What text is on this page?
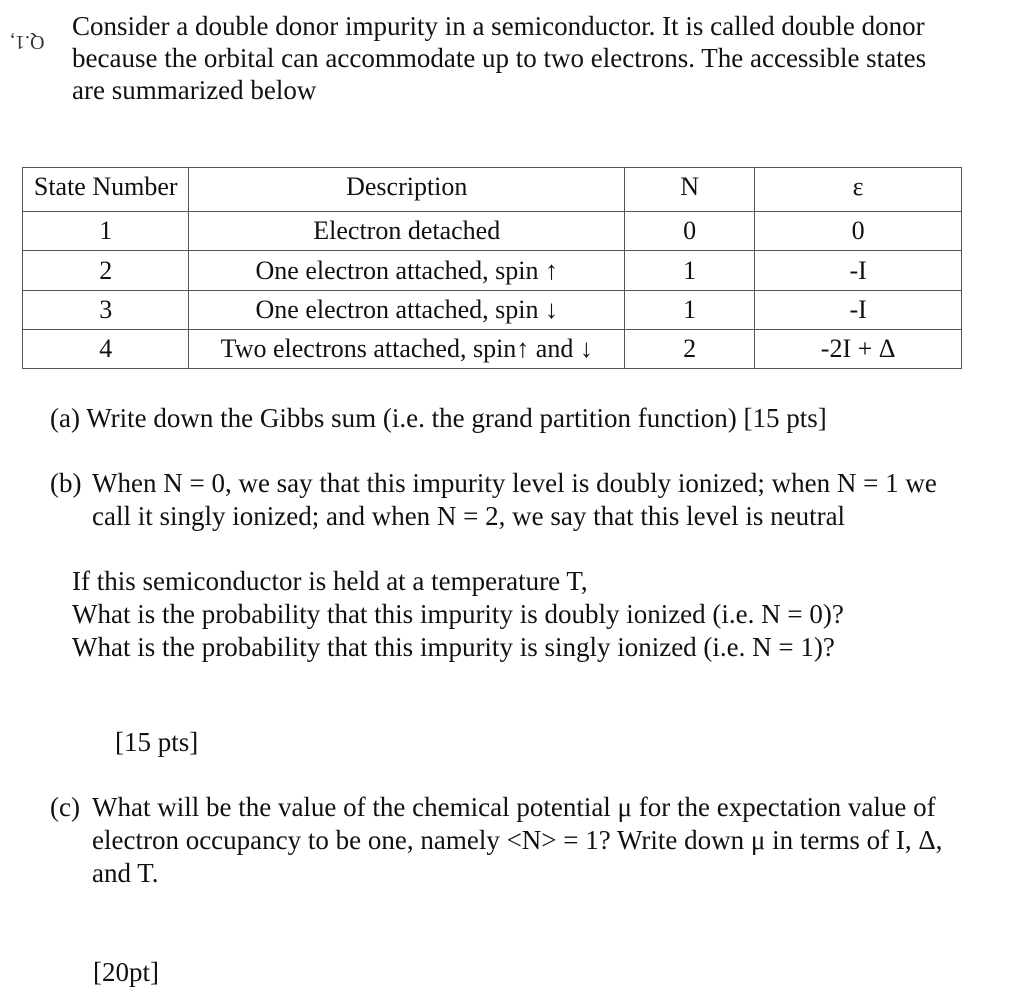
Q.1,

Consider a double donor impurity in a semiconductor. It is called double donor

because the orbital can accommodate up to two electrons. The accessible states

are summarized below

State Number	Description	N	ε
1	Electron detached	0	0
2	One electron attached, spin ↑	1	-I
3	One electron attached, spin ↓	1	-I
4	Two electrons attached, spin↑ and ↓	2	-2I + Δ
(a) Write down the Gibbs sum (i.e. the grand partition function) [15 pts]
(b) When N = 0, we say that this impurity level is doubly ionized; when N = 1 we
call it singly ionized; and when N = 2, we say that this level is neutral
If this semiconductor is held at a temperature T,
What is the probability that this impurity is doubly ionized (i.e. N = 0)?
What is the probability that this impurity is singly ionized (i.e. N = 1)?
[15 pts]
(c) What will be the value of the chemical potential μ for the expectation value of
electron occupancy to be one, namely <N> = 1? Write down μ in terms of I, Δ,
and T.
[20pt]
